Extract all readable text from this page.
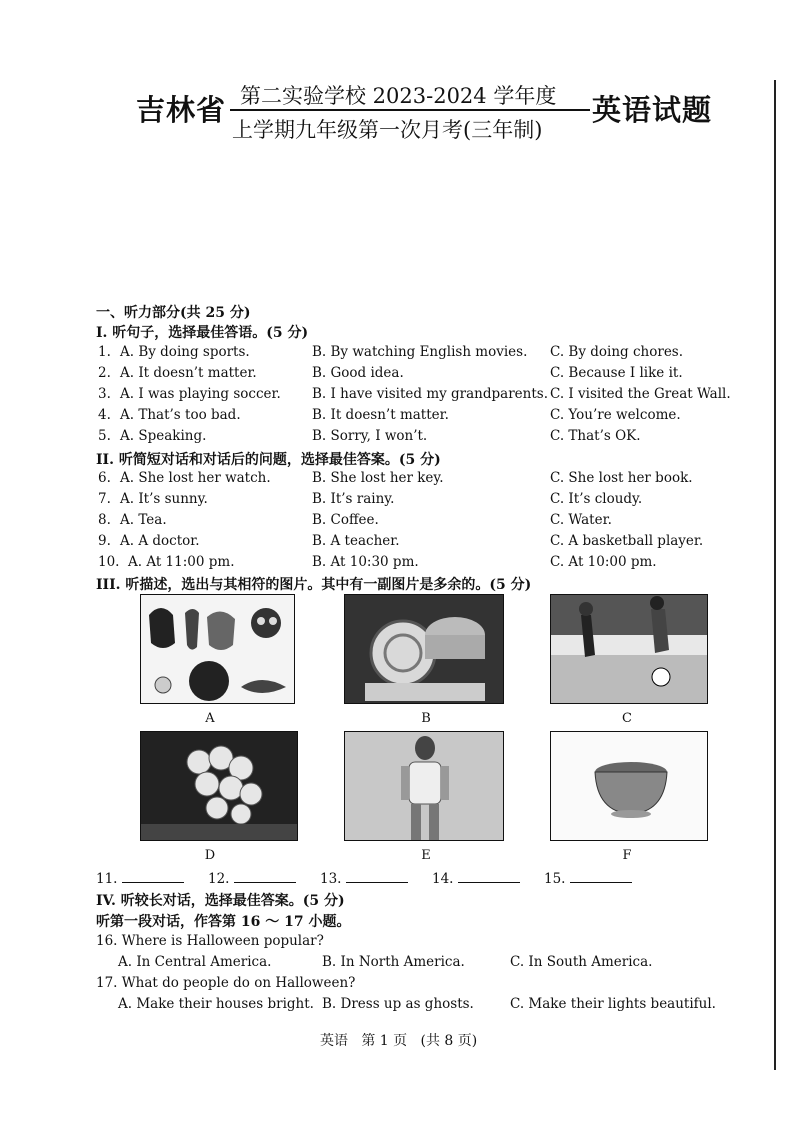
吉林省 第二实验学校 2023-2024 学年度
上学期九年级第一次月考(三年制)
英语试题
一、听力部分(共 25 分)
I. 听句子，选择最佳答语。(5 分)
1. A. By doing sports.	B. By watching English movies. C. By doing chores.
2. A. It doesn’t matter.	B. Good idea.	C. Because I like it.
3. A. I was playing soccer. B. I have visited my grandparents. C. I visited the Great Wall.
4. A. That’s too bad.	B. It doesn’t matter.	C. You’re welcome.
5. A. Speaking.	B. Sorry, I won’t.	C. That’s OK.
II. 听简短对话和对话后的问题，选择最佳答案。(5 分)
6. A. She lost her watch.	B. She lost her key.	C. She lost her book.
7. A. It’s sunny.	B. It’s rainy.	C. It’s cloudy.
8. A. Tea.	B. Coffee.	C. Water.
9. A. A doctor.	B. A teacher.	C. A basketball player.
10. A. At 11:00 pm.	B. At 10:30 pm.	C. At 10:00 pm.
III. 听描述，选出与其相符的图片。其中有一副图片是多余的。(5 分)
A	B	C
D	E	F
11.	12.	13.	14.	15.
IV. 听较长对话，选择最佳答案。(5 分)
听第一段对话，作答第 16 ～ 17 小题。
16. Where is Halloween popular?
A. In Central America.	B. In North America.	C. In South America.
17. What do people do on Halloween?
A. Make their houses bright. B. Dress up as ghosts.	C. Make their lights beautiful.
英语   第 1 页   (共 8 页)
